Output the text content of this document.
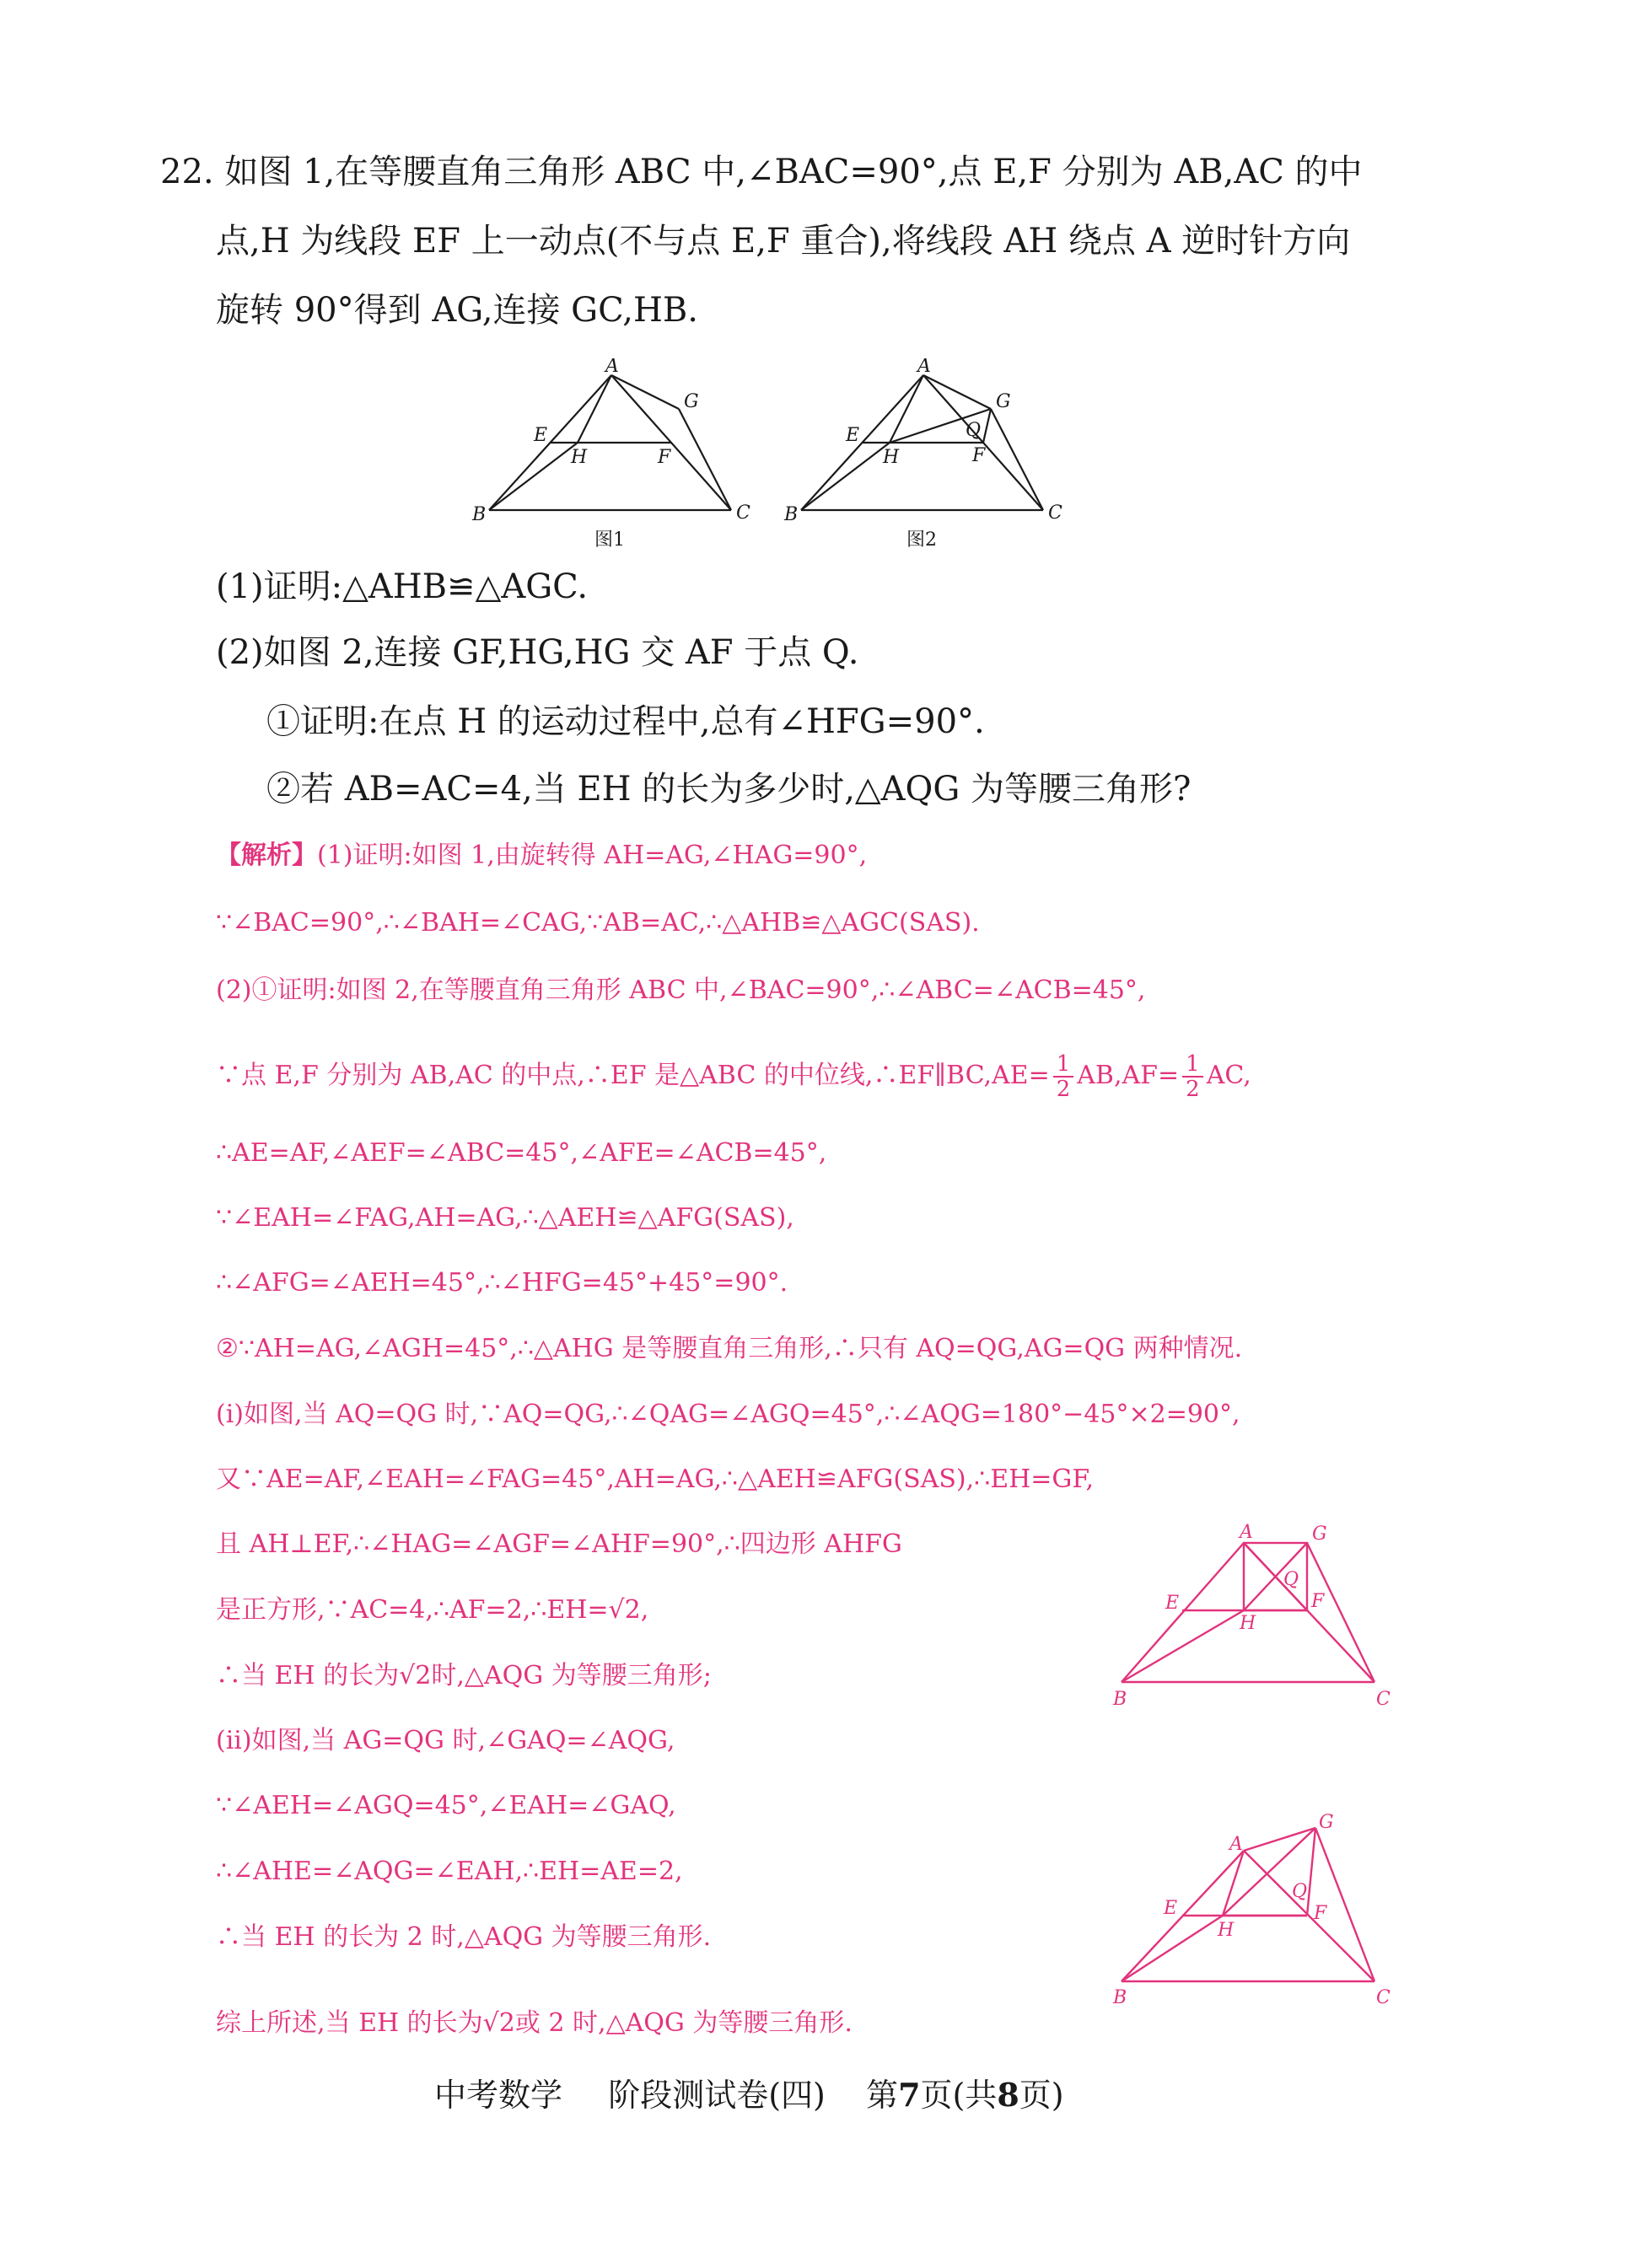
22. 如图 1,在等腰直角三角形 ABC 中,∠BAC=90°,点 E,F 分别为 AB,AC 的中
点,H 为线段 EF 上一动点(不与点 E,F 重合),将线段 AH 绕点 A 逆时针方向
旋转 90°得到 AG,连接 GC,HB.
A
G
E
H	F
B	C
图1
A
G
E
H
Q
F
B	C
图2
(1)证明:△AHB≌△AGC.
(2)如图 2,连接 GF,HG,HG 交 AF 于点 Q.
①证明:在点 H 的运动过程中,总有∠HFG=90°.
②若 AB=AC=4,当 EH 的长为多少时,△AQG 为等腰三角形?
【解析】(1)证明:如图 1,由旋转得 AH=AG,∠HAG=90°,
∵∠BAC=90°,∴∠BAH=∠CAG,∵AB=AC,∴△AHB≌△AGC(SAS).
(2)①证明:如图 2,在等腰直角三角形 ABC 中,∠BAC=90°,∴∠ABC=∠ACB=45°,
∵点 E,F 分别为 AB,AC 的中点,∴EF 是△ABC 的中位线,∴EF∥BC,AE= $\frac{1}{2} AB,AF= \frac{1}{2}$ AC,
∴AE=AF,∠AEF=∠ABC=45°,∠AFE=∠ACB=45°,
∵∠EAH=∠FAG,AH=AG,∴△AEH≌△AFG(SAS),
∴∠AFG=∠AEH=45°,∴∠HFG=45°+45°=90°.
②∵AH=AG,∠AGH=45°,∴△AHG 是等腰直角三角形,∴只有 AQ=QG,AG=QG 两种情况.
(i)如图,当 AQ=QG 时,∵AQ=QG,∴∠QAG=∠AGQ=45°,∴∠AQG=180°−45°×2=90°,
又∵AE=AF,∠EAH=∠FAG=45°,AH=AG,∴△AEH≌AFG(SAS),∴EH=GF,
且 AH⊥EF,∴∠HAG=∠AGF=∠AHF=90°,∴四边形 AHFG
是正方形,∵AC=4,∴AF=2,∴EH=√2,
∴当 EH 的长为√2时,△AQG 为等腰三角形;
(ii)如图,当 AG=QG 时,∠GAQ=∠AQG,
∵∠AEH=∠AGQ=45°,∠EAH=∠GAQ,
∴∠AHE=∠AQG=∠EAH,∴EH=AE=2,
∴当 EH 的长为 2 时,△AQG 为等腰三角形.
综上所述,当 EH 的长为√2或 2 时,△AQG 为等腰三角形.
A	G
E
H
Q
F
B	C
A
G
E
H
Q
F
B	C
中考数学 阶段测试卷(四) 第7页(共8页)
